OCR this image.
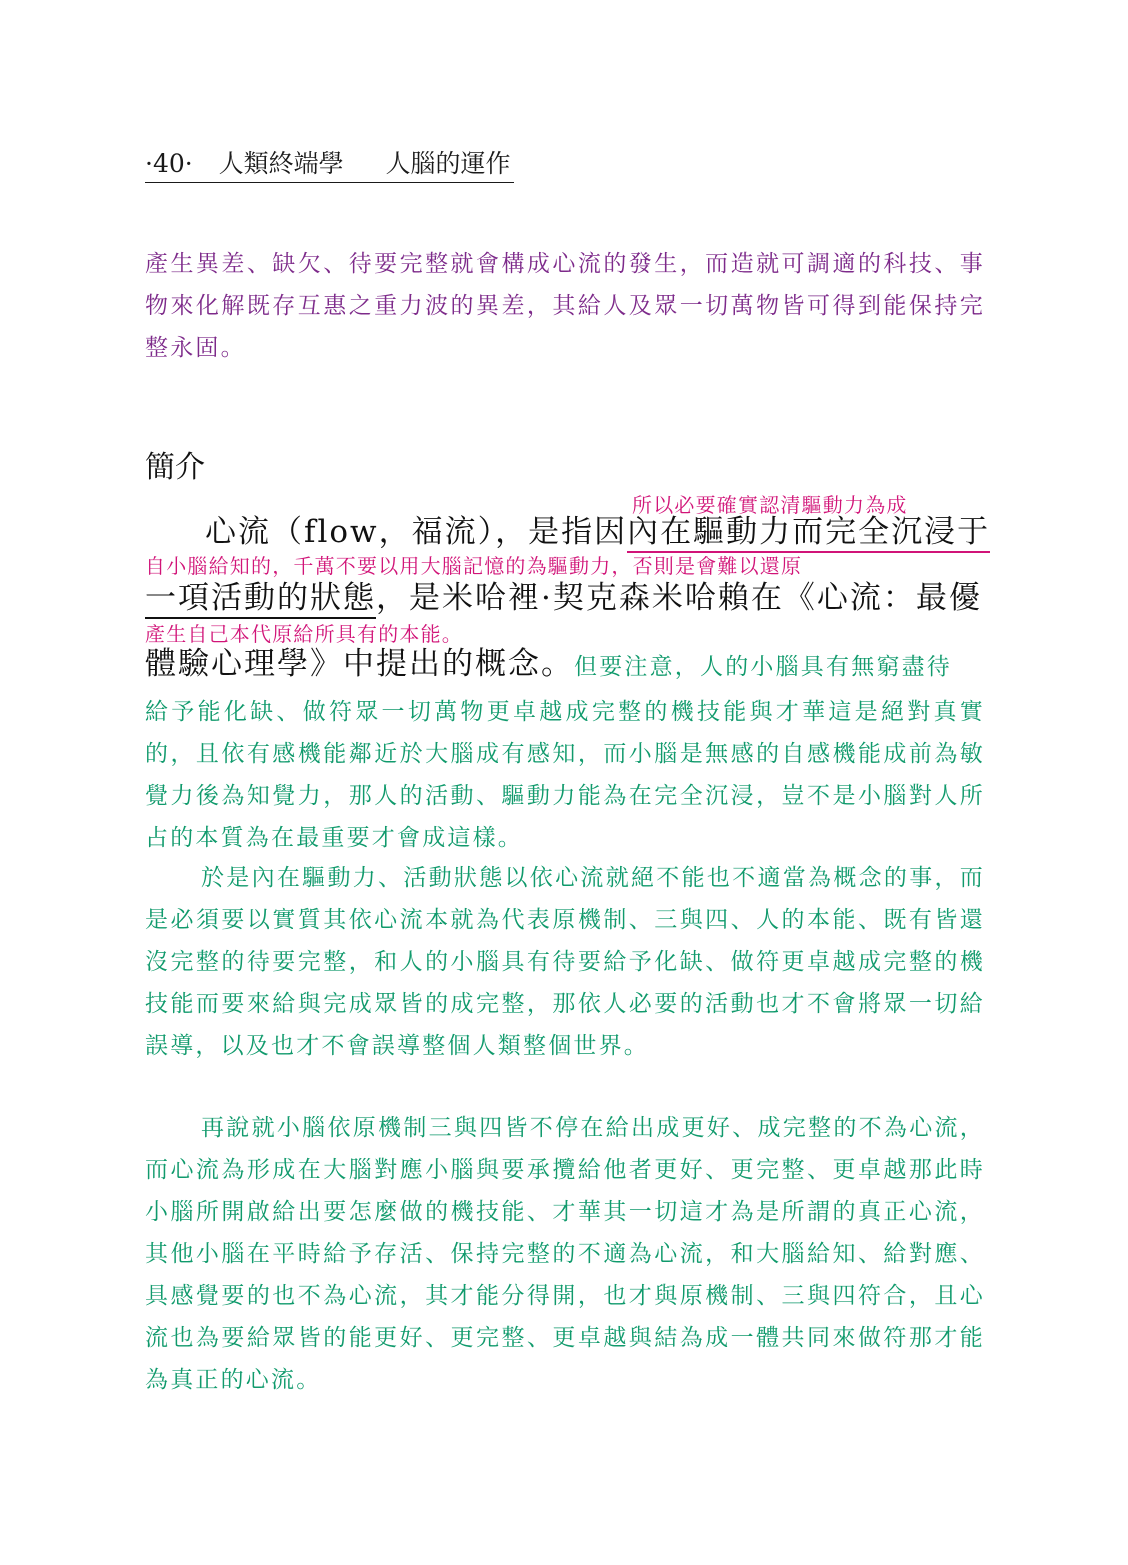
·40· 人類終端學 人腦的運作

產生異差、缺欠、待要完整就會構成心流的發生，而造就可調適的科技、事物來化解既存互惠之重力波的異差，其給人及眾一切萬物皆可得到能保持完整永固。

簡介
所以必要確實認清驅動力為成
心流（flow，福流），是指因內在驅動力而完全沉浸于
自小腦給知的，千萬不要以用大腦記憶的為驅動力，否則是會難以還原
一項活動的狀態，是米哈裡·契克森米哈賴在《心流：最優
產生自己本代原給所具有的本能。
體驗心理學》中提出的概念。但要注意，人的小腦具有無窮盡待

給予能化缺、做符眾一切萬物更卓越成完整的機技能與才華這是絕對真實的，且依有感機能鄰近於大腦成有感知，而小腦是無感的自感機能成前為敏覺力後為知覺力，那人的活動、驅動力能為在完全沉浸，豈不是小腦對人所占的本質為在最重要才會成這樣。

於是內在驅動力、活動狀態以依心流就絕不能也不適當為概念的事，而是必須要以實質其依心流本就為代表原機制、三與四、人的本能、既有皆還沒完整的待要完整，和人的小腦具有待要給予化缺、做符更卓越成完整的機技能而要來給與完成眾皆的成完整，那依人必要的活動也才不會將眾一切給誤導，以及也才不會誤導整個人類整個世界。

再說就小腦依原機制三與四皆不停在給出成更好、成完整的不為心流，而心流為形成在大腦對應小腦與要承攬給他者更好、更完整、更卓越那此時小腦所開啟給出要怎麼做的機技能、才華其一切這才為是所謂的真正心流，其他小腦在平時給予存活、保持完整的不適為心流，和大腦給知、給對應、具感覺要的也不為心流，其才能分得開，也才與原機制、三與四符合，且心流也為要給眾皆的能更好、更完整、更卓越與結為成一體共同來做符那才能為真正的心流。
